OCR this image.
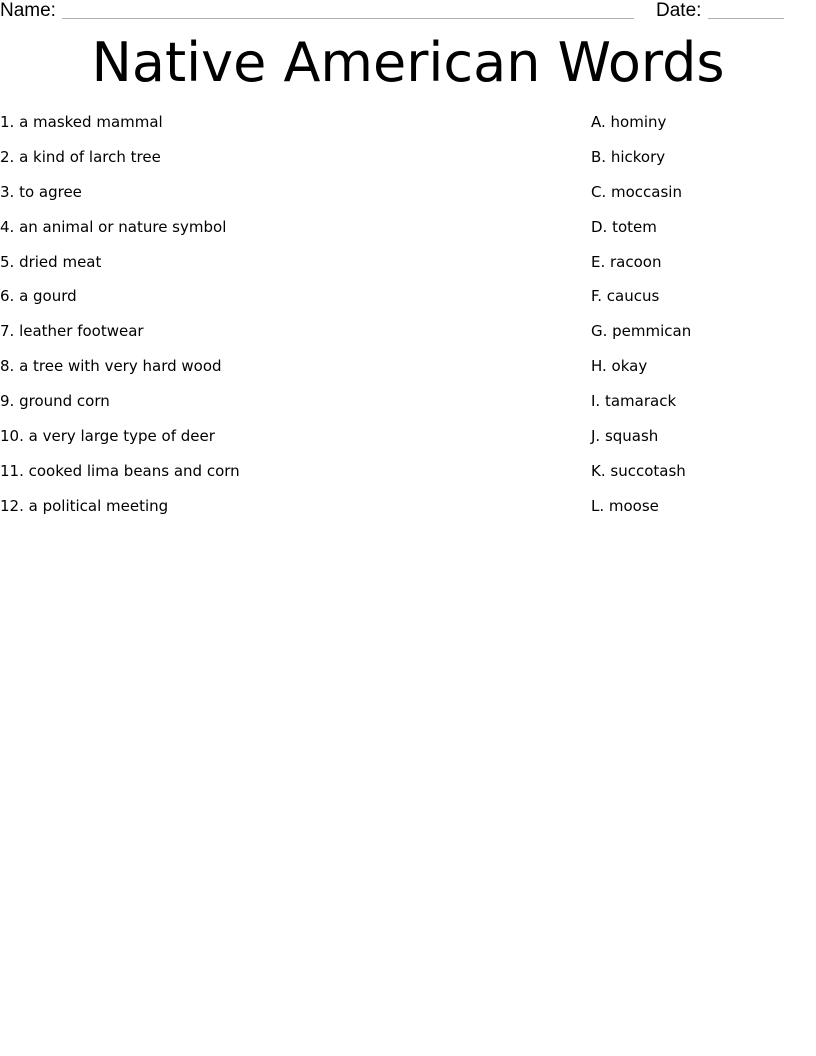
Name:	Date:
Native American Words
1. a masked mammal
2. a kind of larch tree
3. to agree
4. an animal or nature symbol
5. dried meat
6. a gourd
7. leather footwear
8. a tree with very hard wood
9. ground corn
10. a very large type of deer
11. cooked lima beans and corn
12. a political meeting
A. hominy
B. hickory
C. moccasin
D. totem
E. racoon
F. caucus
G. pemmican
H. okay
I. tamarack
J. squash
K. succotash
L. moose
